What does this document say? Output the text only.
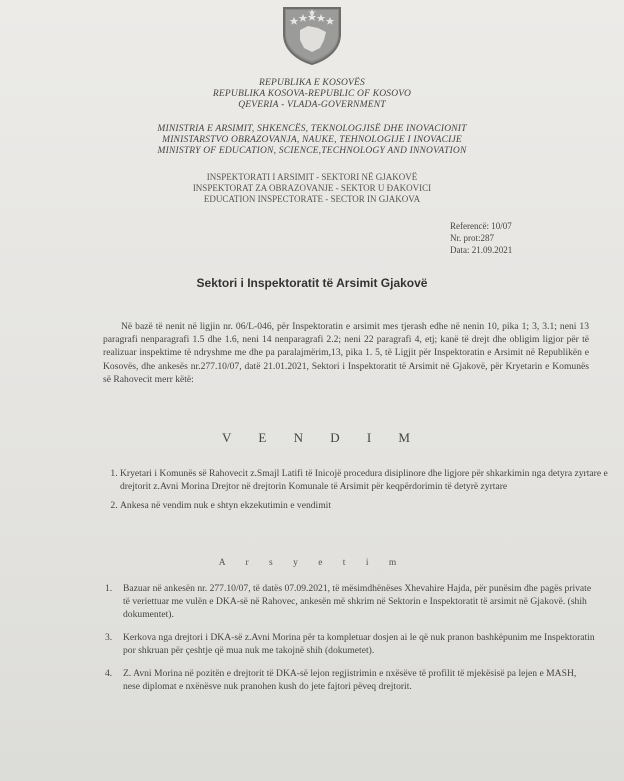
REPUBLIKA E KOSOVËS
REPUBLIKA KOSOVA-REPUBLIC OF KOSOVO
QEVERIA - VLADA-GOVERNMENT
MINISTRIA E ARSIMIT, SHKENCËS, TEKNOLOGJISË DHE INOVACIONIT
MINISTARSTVO OBRAZOVANJA, NAUKE, TEHNOLOGIJE I INOVACIJE
MINISTRY OF EDUCATION, SCIENCE,TECHNOLOGY AND INNOVATION
INSPEKTORATI I ARSIMIT - SEKTORI NË GJAKOVË
INSPEKTORAT ZA OBRAZOVANJE - SEKTOR U ĐAKOVICI
EDUCATION INSPECTORATE - SECTOR IN GJAKOVA
Referencë: 10/07
Nr. prot:287
Data: 21.09.2021
Sektori i Inspektoratit të Arsimit Gjakovë
Në bazë të nenit në ligjin nr. 06/L-046, për Inspektoratin e arsimit mes tjerash edhe në nenin 10, pika 1; 3, 3.1; neni 13 paragrafi nenparagrafi 1.5 dhe 1.6, neni 14 nenparagrafi 2.2; neni 22 paragrafi 4, etj; kanë të drejt dhe obligim ligjor për të realizuar inspektime të ndryshme me dhe pa paralajmërim,13, pika 1. 5, të Ligjit për Inspektoratin e Arsimit në Republikën e Kosovës, dhe ankesës nr.277.10/07, datë 21.01.2021, Sektori i Inspektoratit të Arsimit në Gjakovë, për Kryetarin e Komunës së Rahovecit merr këtë:
V E N D I M
1. Kryetari i Komunës së Rahovecit z.Smajl Latifi të Inicojë procedura disiplinore dhe ligjore për shkarkimin nga detyra zyrtare e drejtorit z.Avni Morina Drejtor në drejtorin Komunale të Arsimit për keqpërdorimin të detyrë zyrtare
2. Ankesa në vendim nuk e shtyn ekzekutimin e vendimit
A r s y e t i m
1.	Bazuar në ankesën nr. 277.10/07, të datës 07.09.2021, të mësimdhënëses Xhevahire Hajda, për punësim dhe pagës private të veriettuar me vulën e DKA-së në Rahovec, ankesën më shkrim në Sektorin e Inspektoratit të arsimit në Gjakovë. (shih dokumentet).
3.	Kerkova nga drejtori i DKA-së z.Avni Morina për ta kompletuar dosjen ai le që nuk pranon bashkëpunim me Inspektoratin por shkruan për çeshtje që mua nuk me takojnë shih (dokumetet).
4.	Z. Avni Morina në pozitën e drejtorit të DKA-së lejon regjistrimin e nxësëve të profilit të mjekësisë pa lejen e MASH, nese diplomat e nxënësve nuk pranohen kush do jete fajtori pëveq drejtorit.
